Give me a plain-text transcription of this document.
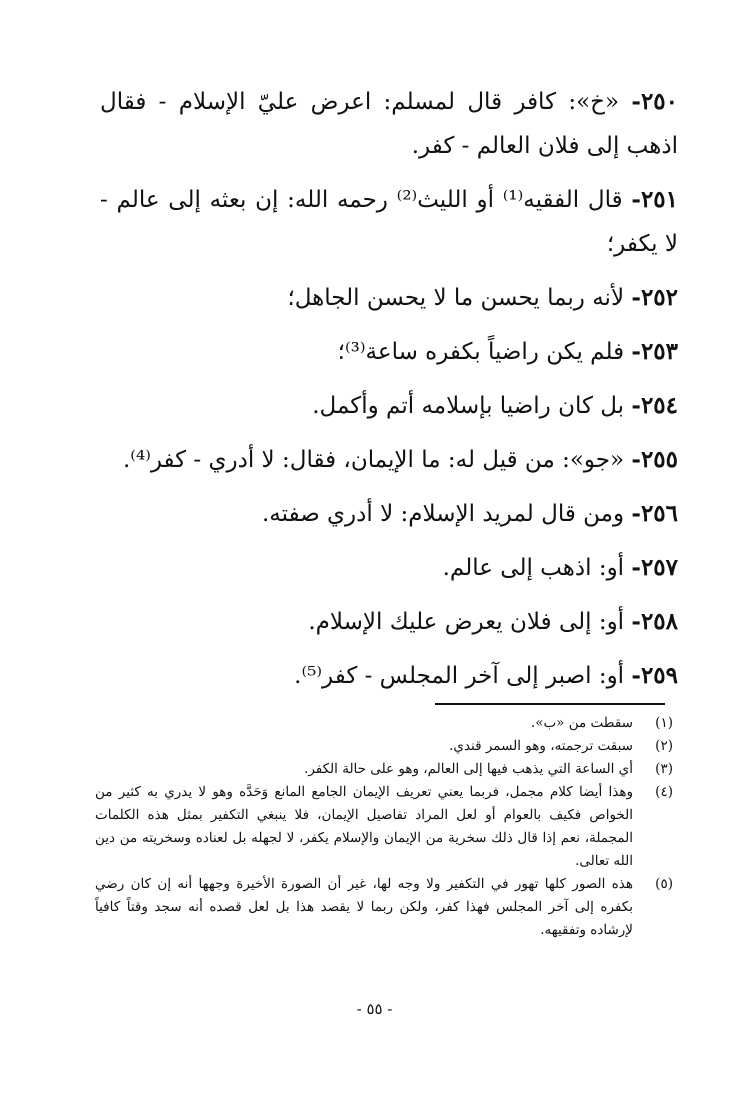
٢٥٠- «خ»: كافر قال لمسلم: اعرض عليّ الإسلام - فقال اذهب إلى فلان العالم - كفر.

٢٥١- قال الفقيه⁽¹⁾ أو الليث⁽²⁾ رحمه الله: إن بعثه إلى عالم - لا يكفر؛

٢٥٢- لأنه ربما يحسن ما لا يحسن الجاهل؛

٢٥٣- فلم يكن راضياً بكفره ساعة⁽³⁾؛

٢٥٤- بل كان راضيا بإسلامه أتم وأكمل.

٢٥٥- «جو»: من قيل له: ما الإيمان، فقال: لا أدري - كفر⁽⁴⁾.

٢٥٦- ومن قال لمريد الإسلام: لا أدري صفته.

٢٥٧- أو: اذهب إلى عالم.

٢٥٨- أو: إلى فلان يعرض عليك الإسلام.

٢٥٩- أو: اصبر إلى آخر المجلس - كفر⁽⁵⁾.

(١)
سقطت من «ب».
(٢)
سبقت ترجمته، وهو السمر قندي.
(٣)
أي الساعة التي يذهب فيها إلى العالم، وهو على حالة الكفر.
(٤)
وهذا أيضا كلام مجمل، فربما يعني تعريف الإيمان الجامع المانع وَحَدَّه وهو لا يدري به كثير من الخواص فكيف بالعوام أو لعل المراد تفاصيل الإيمان، فلا ينبغي التكفير بمثل هذه الكلمات المجملة، نعم إذا قال ذلك سخرية من الإيمان والإسلام يكفر، لا لجهله بل لعناده وسخريته من دين الله تعالى.
(٥)
هذه الصور كلها تهور في التكفير ولا وجه لها، غير أن الصورة الأخيرة وجهها أنه إن كان رضي بكفره إلى آخر المجلس فهذا كفر، ولكن ربما لا يقصد هذا بل لعل قصده أنه سجد وقتاً كافياً لإرشاده وتفقيهه.
- ٥٥ -
